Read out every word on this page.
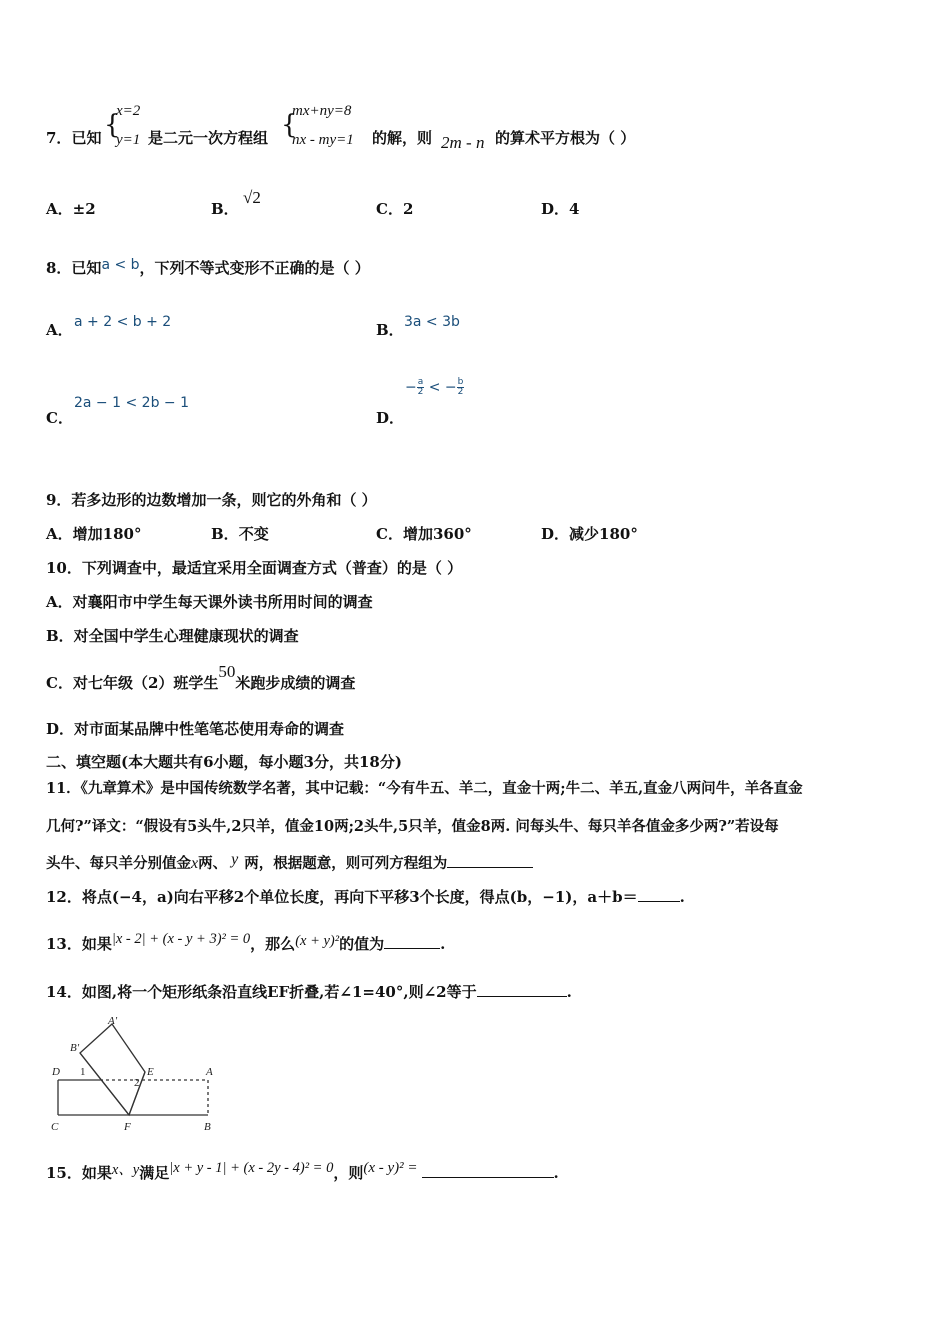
7．已知 {
x=2
y=1 是二元一次方程组 {
mx+ny=8
nx - my=1 的解，则 2m - n 的算术平方根为（ ）
A．±2	B．
√2
C．2	D．4
8．已知a < b，下列不等式变形不正确的是（ ）
A． a + 2 < b + 2	B． 3a < 3b
C．
2a − 1 < 2b − 1
D．
− $\frac{a}{2}$ < − $\frac{b}{2}$
9．若多边形的边数增加一条，则它的外角和（ ）
A．增加180°	B．不变	C．增加360°	D．减少180°
10．下列调查中，最适宜采用全面调查方式（普查）的是（ ）
A．对襄阳市中学生每天课外读书所用时间的调查
B．对全国中学生心理健康现状的调查
C．对七年级（2）班学生50米跑步成绩的调查
D．对市面某品牌中性笔笔芯使用寿命的调查
二、填空题(本大题共有6小题，每小题3分，共18分)
11．《九章算术》是中国传统数学名著，其中记载：“今有牛五、羊二，直金十两;牛二、羊五,直金八两问牛，羊各直金
几何?”译文：“假设有5头牛,2只羊，值金10两;2头牛,5只羊，值金8两. 问每头牛、每只羊各值金多少两?”若设每
头牛、每只羊分别值金x两、 y 两，根据题意，则可列方程组为
12．将点(−4，a)向右平移2个单位长度，再向下平移3个长度，得点(b，−1)，a＋b＝	.
13．如果|x - 2| + (x - y + 3)² = 0，那么(x + y)²的值为	.
14．如图,将一个矩形纸条沿直线EF折叠,若∠1=40°,则∠2等于	.
A'
B'
D 1	E
2
A
C	F	B
15．如果x、y满足|x + y - 1| + (x - 2y - 4)² = 0，则(x - y)² =	.
